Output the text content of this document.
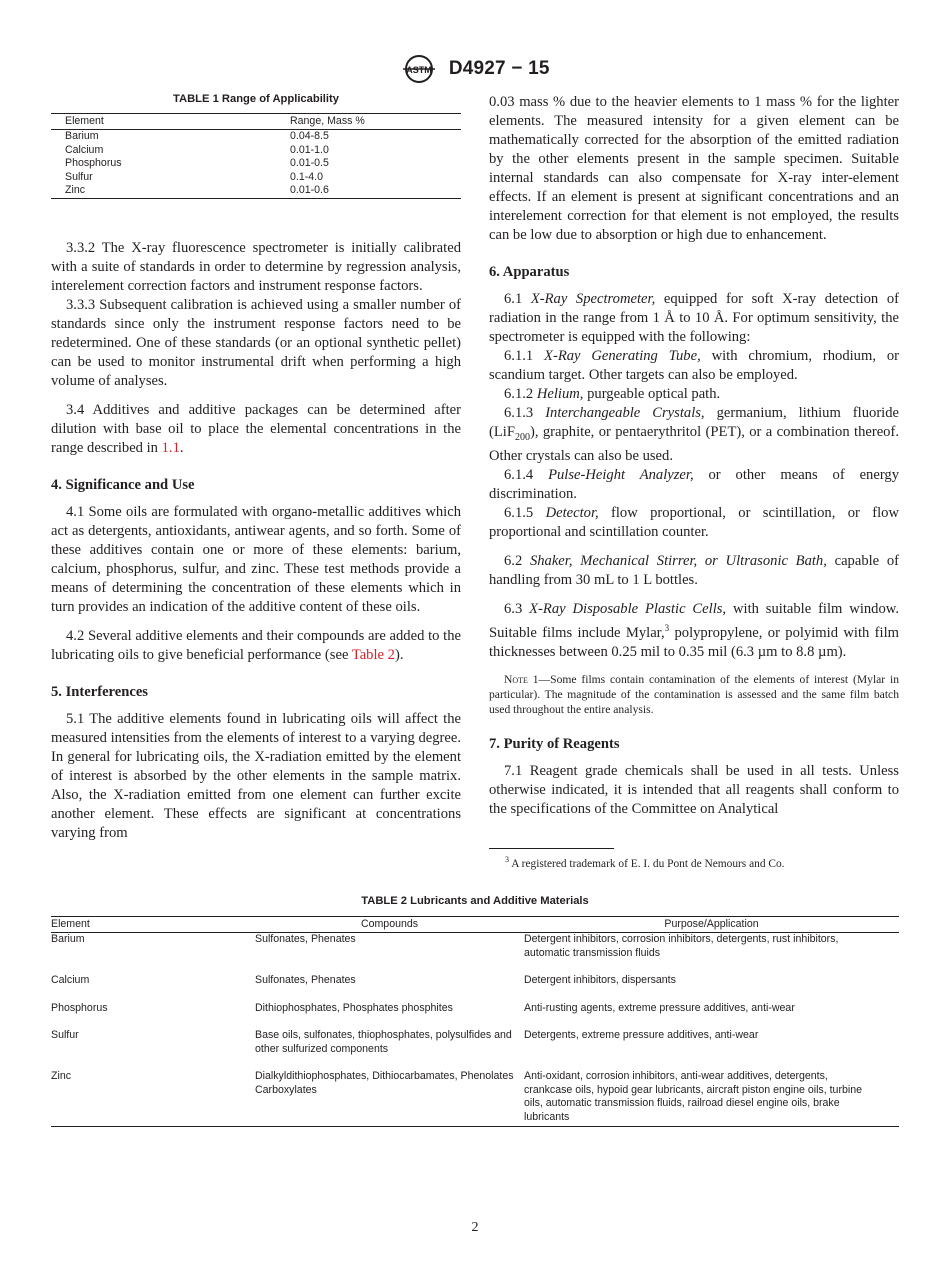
ASTM D4927 − 15
TABLE 1 Range of Applicability
Element	Range, Mass %
Barium	0.04-8.5
Calcium	0.01-1.0
Phosphorus	0.01-0.5
Sulfur	0.1-4.0
Zinc	0.01-0.6

3.3.2 The X-ray fluorescence spectrometer is initially calibrated with a suite of standards in order to determine by regression analysis, interelement correction factors and instrument response factors.

3.3.3 Subsequent calibration is achieved using a smaller number of standards since only the instrument response factors need to be redetermined. One of these standards (or an optional synthetic pellet) can be used to monitor instrumental drift when performing a high volume of analyses.

3.4 Additives and additive packages can be determined after dilution with base oil to place the elemental concentrations in the range described in 1.1.

4. Significance and Use

4.1 Some oils are formulated with organo-metallic additives which act as detergents, antioxidants, antiwear agents, and so forth. Some of these additives contain one or more of these elements: barium, calcium, phosphorus, sulfur, and zinc. These test methods provide a means of determining the concentration of these elements which in turn provides an indication of the additive content of these oils.

4.2 Several additive elements and their compounds are added to the lubricating oils to give beneficial performance (see Table 2).

5. Interferences

5.1 The additive elements found in lubricating oils will affect the measured intensities from the elements of interest to a varying degree. In general for lubricating oils, the X-radiation emitted by the element of interest is absorbed by the other elements in the sample matrix. Also, the X-radiation emitted from one element can further excite another element. These effects are significant at concentrations varying from

0.03 mass % due to the heavier elements to 1 mass % for the lighter elements. The measured intensity for a given element can be mathematically corrected for the absorption of the emitted radiation by the other elements present in the sample specimen. Suitable internal standards can also compensate for X-ray inter-element effects. If an element is present at significant concentrations and an interelement correction for that element is not employed, the results can be low due to absorption or high due to enhancement.

6. Apparatus

6.1 X-Ray Spectrometer, equipped for soft X-ray detection of radiation in the range from 1 Å to 10 Å. For optimum sensitivity, the spectrometer is equipped with the following:

6.1.1 X-Ray Generating Tube, with chromium, rhodium, or scandium target. Other targets can also be employed.

6.1.2 Helium, purgeable optical path.

6.1.3 Interchangeable Crystals, germanium, lithium fluoride (LiF$_{200}$), graphite, or pentaerythritol (PET), or a combination thereof. Other crystals can also be used.

6.1.4 Pulse-Height Analyzer, or other means of energy discrimination.

6.1.5 Detector, flow proportional, or scintillation, or flow proportional and scintillation counter.

6.2 Shaker, Mechanical Stirrer, or Ultrasonic Bath, capable of handling from 30 mL to 1 L bottles.

6.3 X-Ray Disposable Plastic Cells, with suitable film window. Suitable films include Mylar,$^3$ polypropylene, or polyimid with film thicknesses between 0.25 mil to 0.35 mil (6.3 µm to 8.8 µm).

Note 1—Some films contain contamination of the elements of interest (Mylar in particular). The magnitude of the contamination is assessed and the same film batch used throughout the entire analysis.
7. Purity of Reagents

7.1 Reagent grade chemicals shall be used in all tests. Unless otherwise indicated, it is intended that all reagents shall conform to the specifications of the Committee on Analytical

$^3$ A registered trademark of E. I. du Pont de Nemours and Co.
TABLE 2 Lubricants and Additive Materials
Element	Compounds	Purpose/Application
Barium	Sulfonates, Phenates	Detergent inhibitors, corrosion inhibitors, detergents, rust inhibitors, automatic transmission fluids
Calcium	Sulfonates, Phenates	Detergent inhibitors, dispersants
Phosphorus	Dithiophosphates, Phosphates phosphites	Anti-rusting agents, extreme pressure additives, anti-wear
Sulfur	Base oils, sulfonates, thiophosphates, polysulfides and other sulfurized components	Detergents, extreme pressure additives, anti-wear
Zinc	Dialkyldithiophosphates, Dithiocarbamates, Phenolates Carboxylates	Anti-oxidant, corrosion inhibitors, anti-wear additives, detergents, crankcase oils, hypoid gear lubricants, aircraft piston engine oils, turbine oils, automatic transmission fluids, railroad diesel engine oils, brake lubricants
2
